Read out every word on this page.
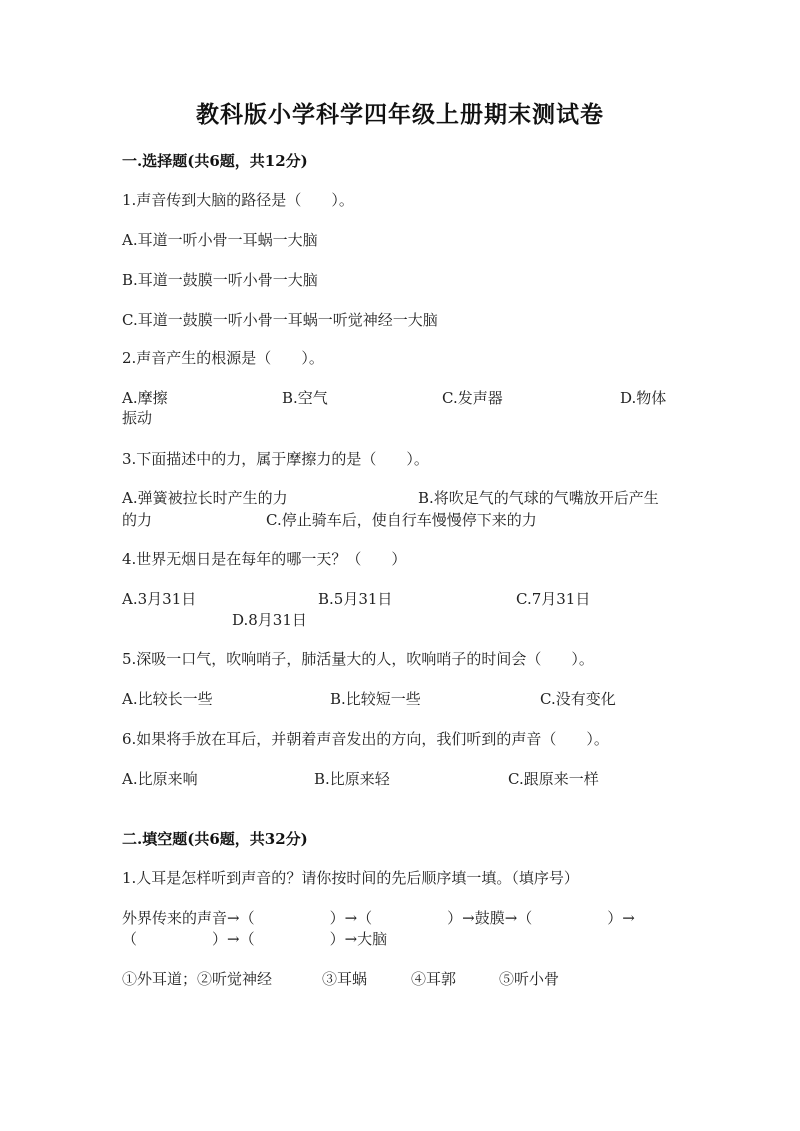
教科版小学科学四年级上册期末测试卷
一.选择题(共6题，共12分)
1.声音传到大脑的路径是（　　）。
A.耳道一听小骨一耳蜗一大脑
B.耳道一鼓膜一听小骨一大脑
C.耳道一鼓膜一听小骨一耳蜗一听觉神经一大脑
2.声音产生的根源是（　　）。
A.摩擦	B.空气	C.发声器	D.物体
振动
3.下面描述中的力，属于摩擦力的是（　　）。
A.弹簧被拉长时产生的力	B.将吹足气的气球的气嘴放开后产生
的力	C.停止骑车后，使自行车慢慢停下来的力
4.世界无烟日是在每年的哪一天？（　　）
A.3月31日	B.5月31日	C.7月31日
D.8月31日
5.深吸一口气，吹响哨子，肺活量大的人，吹响哨子的时间会（　　）。
A.比较长一些	B.比较短一些	C.没有变化
6.如果将手放在耳后，并朝着声音发出的方向，我们听到的声音（　　）。
A.比原来响	B.比原来轻	C.跟原来一样
二.填空题(共6题，共32分)
1.人耳是怎样听到声音的？请你按时间的先后顺序填一填。（填序号）
外界传来的声音→（　　　　　）→（　　　　　）→鼓膜→（　　　　　）→
（　　　　　）→（　　　　　）→大脑
①外耳道；②听觉神经	③耳蜗	④耳郭	⑤听小骨
